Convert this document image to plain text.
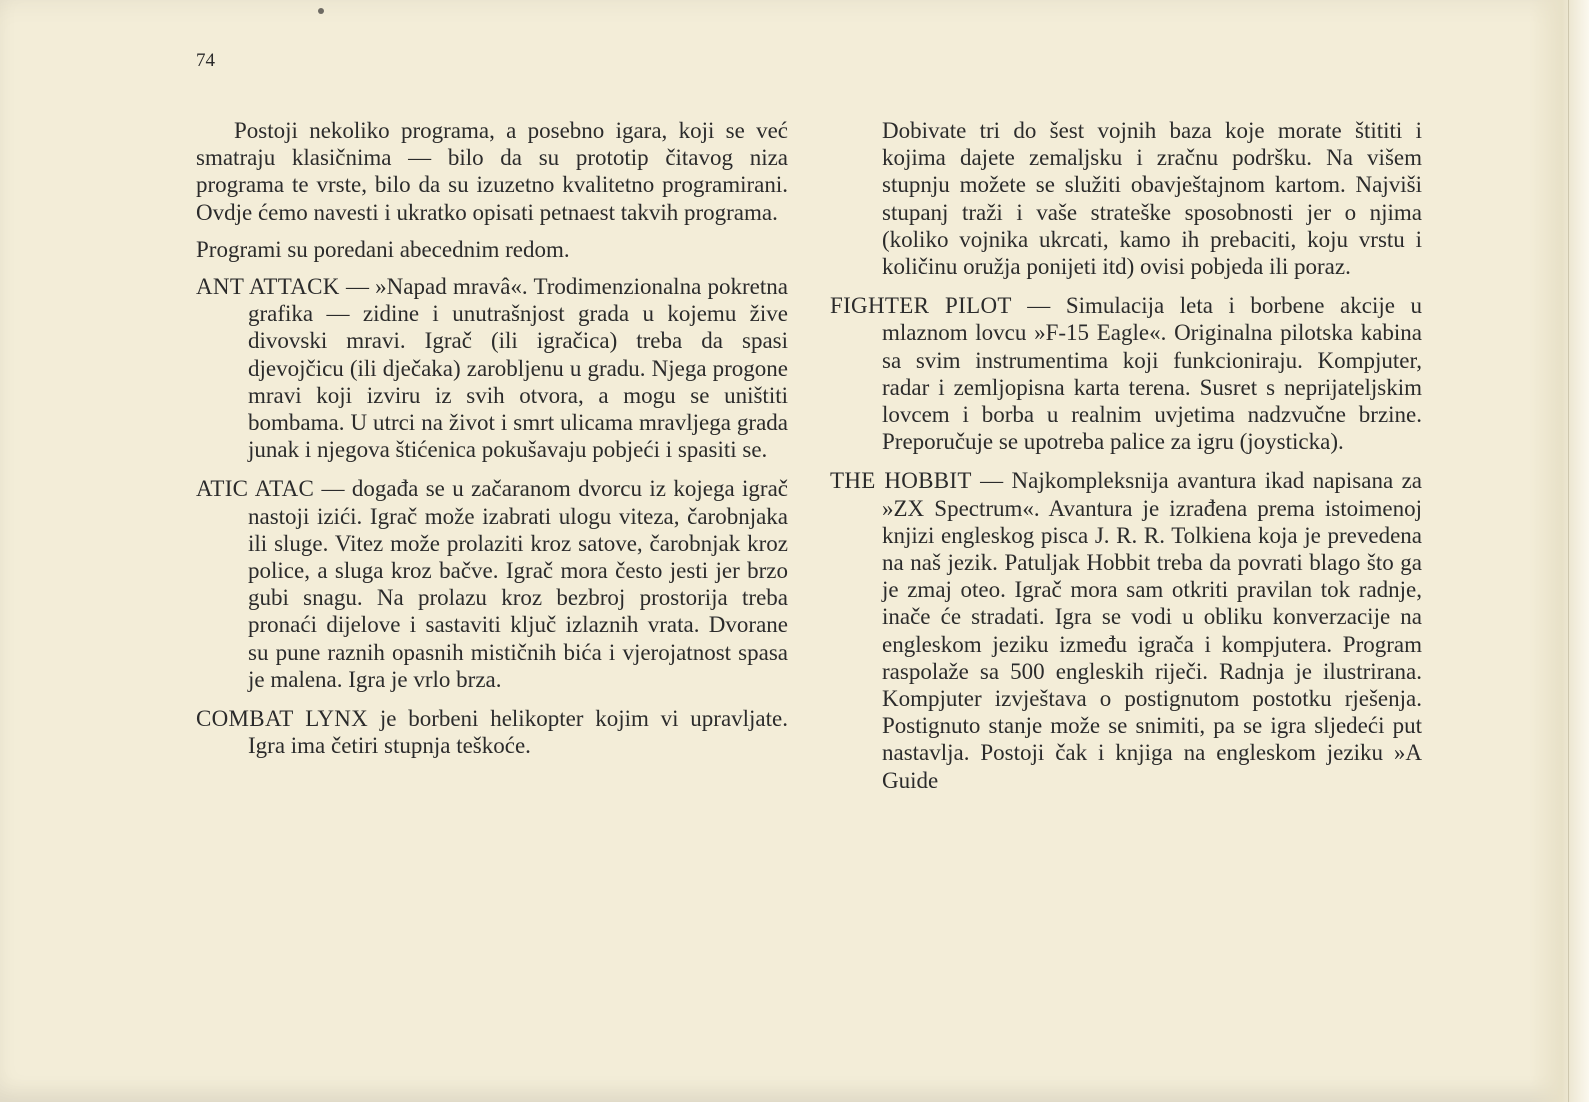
74

Postoji nekoliko programa, a posebno igara, koji se već smatraju klasičnima — bilo da su prototip čitavog niza programa te vrste, bilo da su izuzetno kvalitetno programirani. Ovdje ćemo navesti i ukratko opisati petnaest takvih programa.

Programi su poredani abecednim redom.

ANT ATTACK — »Napad mravâ«. Trodimenzionalna pokretna grafika — zidine i unutrašnjost grada u kojemu žive divovski mravi. Igrač (ili igračica) treba da spasi djevojčicu (ili dječaka) zarobljenu u gradu. Njega progone mravi koji izviru iz svih otvora, a mogu se uništiti bombama. U utrci na život i smrt ulicama mravljega grada junak i njegova štićenica pokušavaju pobjeći i spasiti se.

ATIC ATAC — događa se u začaranom dvorcu iz kojega igrač nastoji izići. Igrač može izabrati ulogu viteza, čarobnjaka ili sluge. Vitez može prolaziti kroz satove, čarobnjak kroz police, a sluga kroz bačve. Igrač mora često jesti jer brzo gubi snagu. Na prolazu kroz bezbroj prostorija treba pronaći dijelove i sastaviti ključ izlaznih vrata. Dvorane su pune raznih opasnih mističnih bića i vjerojatnost spasa je malena. Igra je vrlo brza.

COMBAT LYNX je borbeni helikopter kojim vi upravljate. Igra ima četiri stupnja teškoće.

Dobivate tri do šest vojnih baza koje morate štititi i kojima dajete zemaljsku i zračnu podršku. Na višem stupnju možete se služiti obavještajnom kartom. Najviši stupanj traži i vaše strateške sposobnosti jer o njima (koliko vojnika ukrcati, kamo ih prebaciti, koju vrstu i količinu oružja ponijeti itd) ovisi pobjeda ili poraz.

FIGHTER PILOT — Simulacija leta i borbene akcije u mlaznom lovcu »F-15 Eagle«. Originalna pilotska kabina sa svim instrumentima koji funkcioniraju. Kompjuter, radar i zemljopisna karta terena. Susret s neprijateljskim lovcem i borba u realnim uvjetima nadzvučne brzine. Preporučuje se upotreba palice za igru (joysticka).

THE HOBBIT — Najkompleksnija avantura ikad napisana za »ZX Spectrum«. Avantura je izrađena prema istoimenoj knjizi engleskog pisca J. R. R. Tolkiena koja je prevedena na naš jezik. Patuljak Hobbit treba da povrati blago što ga je zmaj oteo. Igrač mora sam otkriti pravilan tok radnje, inače će stradati. Igra se vodi u obliku konverzacije na engleskom jeziku između igrača i kompjutera. Program raspolaže sa 500 engleskih riječi. Radnja je ilustrirana. Kompjuter izvještava o postignutom postotku rješenja. Postignuto stanje može se snimiti, pa se igra sljedeći put nastavlja. Postoji čak i knjiga na engleskom jeziku »A Guide
